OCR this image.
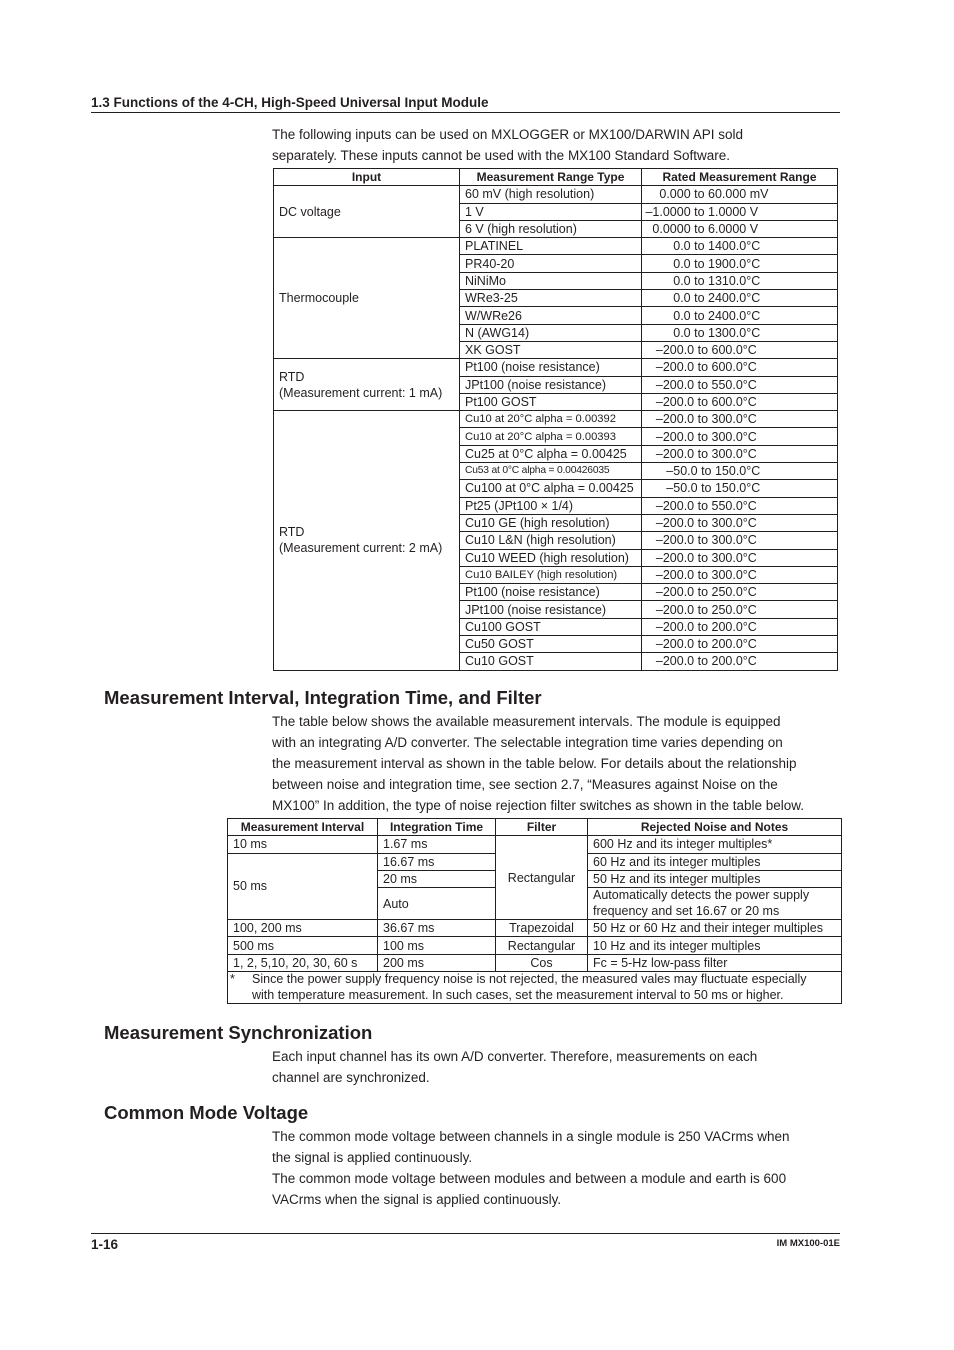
1.3 Functions of the 4-CH, High-Speed Universal Input Module
The following inputs can be used on MXLOGGER or MX100/DARWIN API sold
separately. These inputs cannot be used with the MX100 Standard Software.
Input	Measurement Range Type	Rated Measurement Range
DC voltage	60 mV (high resolution)	0.000 to 60.000 mV
	1 V	–1.0000 to 1.0000 V
	6 V (high resolution)	0.0000 to 6.0000 V
Thermocouple	PLATINEL	0.0 to 1400.0°C
	PR40-20	0.0 to 1900.0°C
	NiNiMo	0.0 to 1310.0°C
	WRe3-25	0.0 to 2400.0°C
	W/WRe26	0.0 to 2400.0°C
	N (AWG14)	0.0 to 1300.0°C
	XK GOST	–200.0 to 600.0°C
RTD
(Measurement current: 1 mA)	Pt100 (noise resistance)	–200.0 to 600.0°C
	JPt100 (noise resistance)	–200.0 to 550.0°C
	Pt100 GOST	–200.0 to 600.0°C
RTD
(Measurement current: 2 mA)	Cu10 at 20°C alpha = 0.00392	–200.0 to 300.0°C
	Cu10 at 20°C alpha = 0.00393	–200.0 to 300.0°C
	Cu25 at 0°C alpha = 0.00425	–200.0 to 300.0°C
	Cu53 at 0°C alpha = 0.00426035	–50.0 to 150.0°C
	Cu100 at 0°C alpha = 0.00425	–50.0 to 150.0°C
	Pt25 (JPt100 × 1/4)	–200.0 to 550.0°C
	Cu10 GE (high resolution)	–200.0 to 300.0°C
	Cu10 L&N (high resolution)	–200.0 to 300.0°C
	Cu10 WEED (high resolution)	–200.0 to 300.0°C
	Cu10 BAILEY (high resolution)	–200.0 to 300.0°C
	Pt100 (noise resistance)	–200.0 to 250.0°C
	JPt100 (noise resistance)	–200.0 to 250.0°C
	Cu100 GOST	–200.0 to 200.0°C
	Cu50 GOST	–200.0 to 200.0°C
	Cu10 GOST	–200.0 to 200.0°C
Measurement Interval, Integration Time, and Filter
The table below shows the available measurement intervals. The module is equipped
with an integrating A/D converter. The selectable integration time varies depending on
the measurement interval as shown in the table below. For details about the relationship
between noise and integration time, see section 2.7, “Measures against Noise on the
MX100” In addition, the type of noise rejection filter switches as shown in the table below.
Measurement Interval	Integration Time	Filter	Rejected Noise and Notes
10 ms	1.67 ms	Rectangular	600 Hz and its integer multiples*
50 ms	16.67 ms		60 Hz and its integer multiples
	20 ms		50 Hz and its integer multiples
	Auto		Automatically detects the power supply
frequency and set 16.67 or 20 ms
100, 200 ms	36.67 ms	Trapezoidal	50 Hz or 60 Hz and their integer multiples
500 ms	100 ms	Rectangular	10 Hz and its integer multiples
1, 2, 5,10, 20, 30, 60 s	200 ms	Cos	Fc = 5-Hz low-pass filter
* Since the power supply frequency noise is not rejected, the measured vales may fluctuate especially with temperature measurement. In such cases, set the measurement interval to 50 ms or higher.			
Measurement Synchronization
Each input channel has its own A/D converter. Therefore, measurements on each
channel are synchronized.
Common Mode Voltage
The common mode voltage between channels in a single module is 250 VACrms when
the signal is applied continuously.
The common mode voltage between modules and between a module and earth is 600
VACrms when the signal is applied continuously.
1-16	IM MX100-01E
